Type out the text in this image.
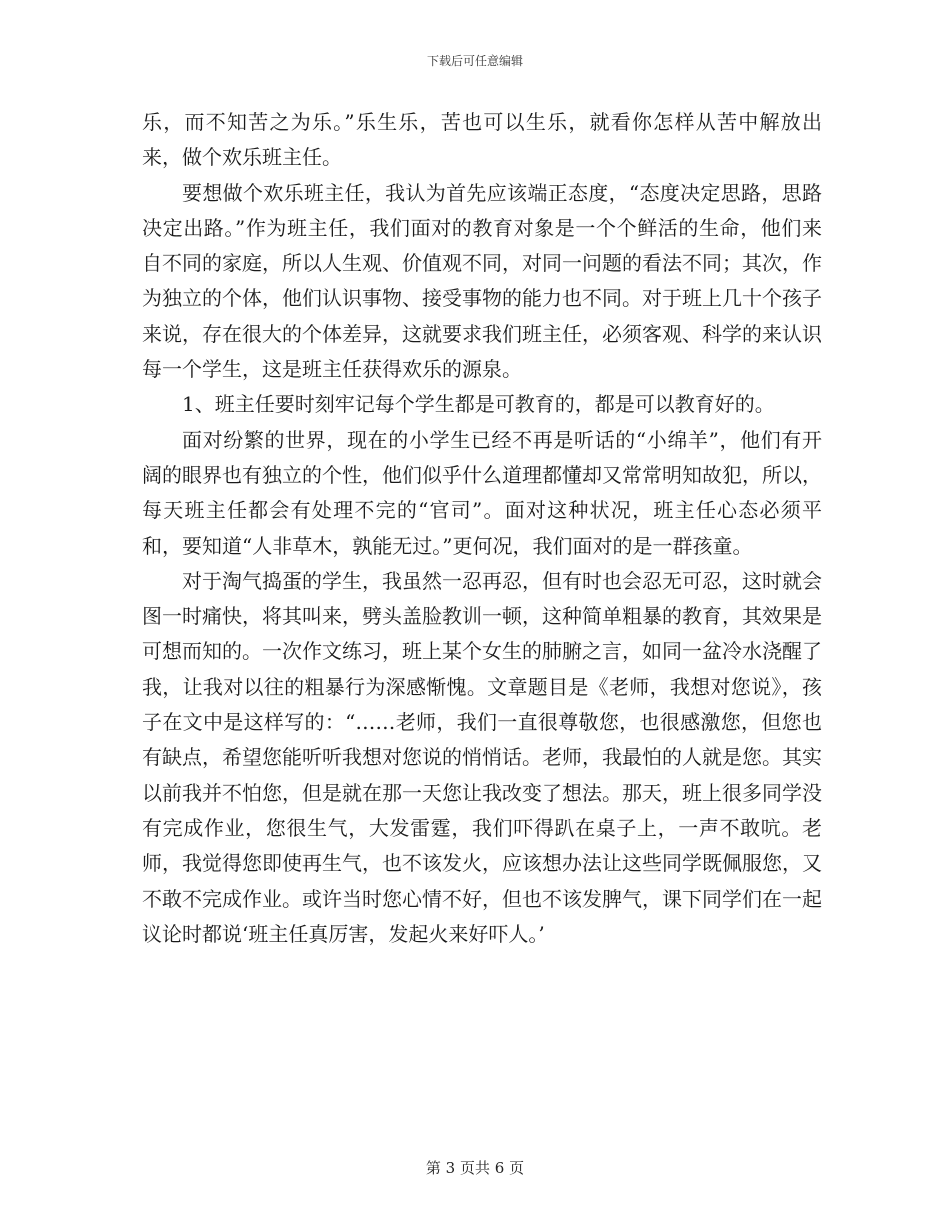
下载后可任意编辑

乐，而不知苦之为乐。”乐生乐，苦也可以生乐，就看你怎样从苦中解放出来，做个欢乐班主任。

要想做个欢乐班主任，我认为首先应该端正态度，“态度决定思路，思路决定出路。”作为班主任，我们面对的教育对象是一个个鲜活的生命，他们来自不同的家庭，所以人生观、价值观不同，对同一问题的看法不同；其次，作为独立的个体，他们认识事物、接受事物的能力也不同。对于班上几十个孩子来说，存在很大的个体差异，这就要求我们班主任，必须客观、科学的来认识每一个学生，这是班主任获得欢乐的源泉。

1、班主任要时刻牢记每个学生都是可教育的，都是可以教育好的。

面对纷繁的世界，现在的小学生已经不再是听话的“小绵羊”，他们有开阔的眼界也有独立的个性，他们似乎什么道理都懂却又常常明知故犯，所以，每天班主任都会有处理不完的“官司”。面对这种状况，班主任心态必须平和，要知道“人非草木，孰能无过。”更何况，我们面对的是一群孩童。

对于淘气捣蛋的学生，我虽然一忍再忍，但有时也会忍无可忍，这时就会图一时痛快，将其叫来，劈头盖脸教训一顿，这种简单粗暴的教育，其效果是可想而知的。一次作文练习，班上某个女生的肺腑之言，如同一盆冷水浇醒了我，让我对以往的粗暴行为深感惭愧。文章题目是《老师，我想对您说》，孩子在文中是这样写的：“……老师，我们一直很尊敬您，也很感激您，但您也有缺点，希望您能听听我想对您说的悄悄话。老师，我最怕的人就是您。其实以前我并不怕您，但是就在那一天您让我改变了想法。那天，班上很多同学没有完成作业，您很生气，大发雷霆，我们吓得趴在桌子上，一声不敢吭。老师，我觉得您即使再生气，也不该发火，应该想办法让这些同学既佩服您，又不敢不完成作业。或许当时您心情不好，但也不该发脾气，课下同学们在一起议论时都说‘班主任真厉害，发起火来好吓人。’

第 3 页共 6 页
